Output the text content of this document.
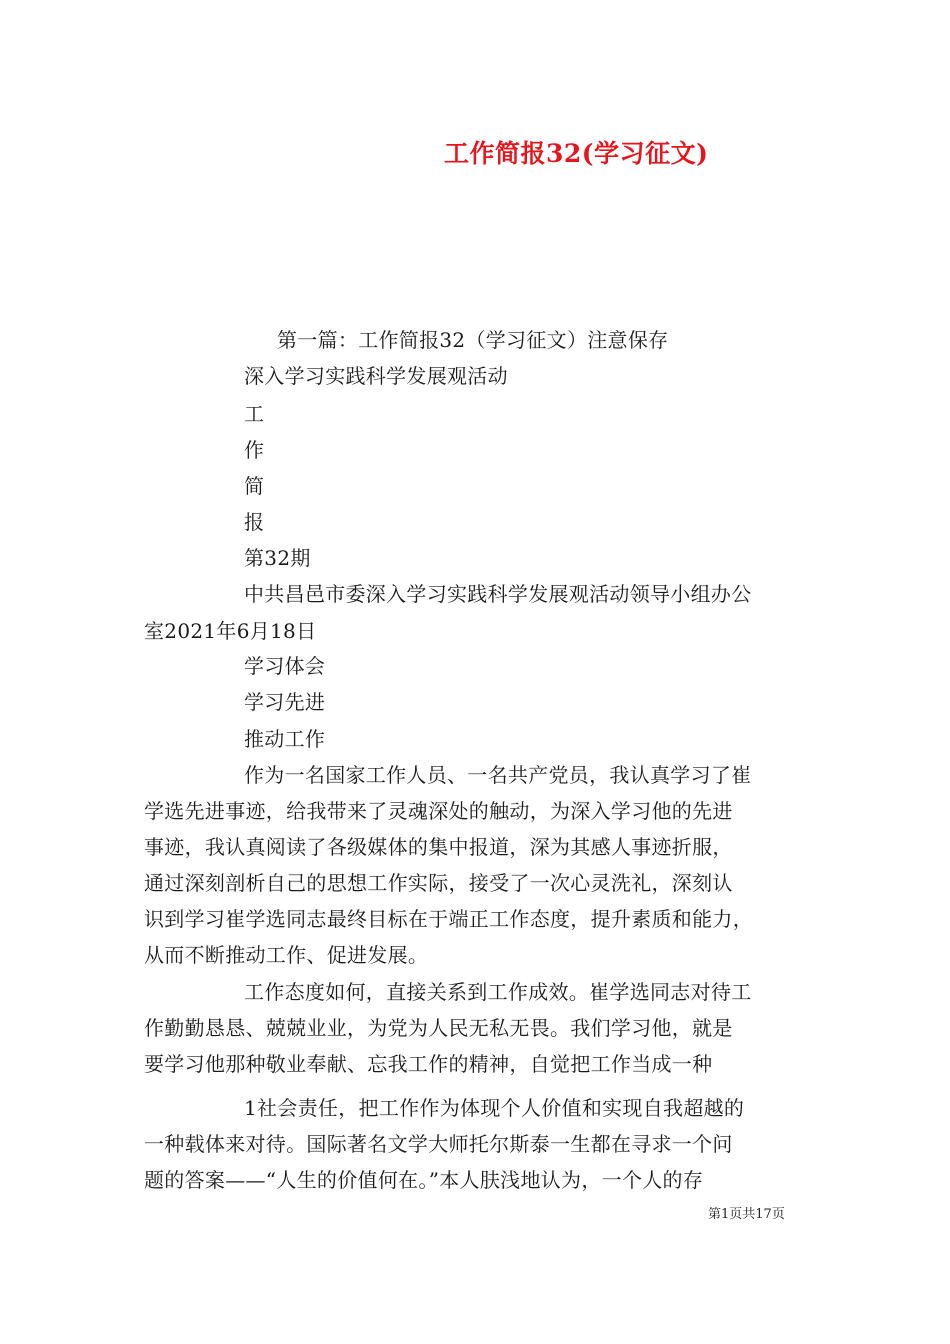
工作简报32(学习征文)
第一篇：工作简报32（学习征文）注意保存
深入学习实践科学发展观活动
工
作
简
报
第32期
中共昌邑市委深入学习实践科学发展观活动领导小组办公
室2021年6月18日
学习体会
学习先进
推动工作
作为一名国家工作人员、一名共产党员，我认真学习了崔
学选先进事迹，给我带来了灵魂深处的触动，为深入学习他的先进
事迹，我认真阅读了各级媒体的集中报道，深为其感人事迹折服，
通过深刻剖析自己的思想工作实际，接受了一次心灵洗礼，深刻认
识到学习崔学选同志最终目标在于端正工作态度，提升素质和能力，
从而不断推动工作、促进发展。
工作态度如何，直接关系到工作成效。崔学选同志对待工
作勤勤恳恳、兢兢业业，为党为人民无私无畏。我们学习他，就是
要学习他那种敬业奉献、忘我工作的精神，自觉把工作当成一种
1社会责任，把工作作为体现个人价值和实现自我超越的
一种载体来对待。国际著名文学大师托尔斯泰一生都在寻求一个问
题的答案——“人生的价值何在。”本人肤浅地认为，一个人的存
第1页共17页
